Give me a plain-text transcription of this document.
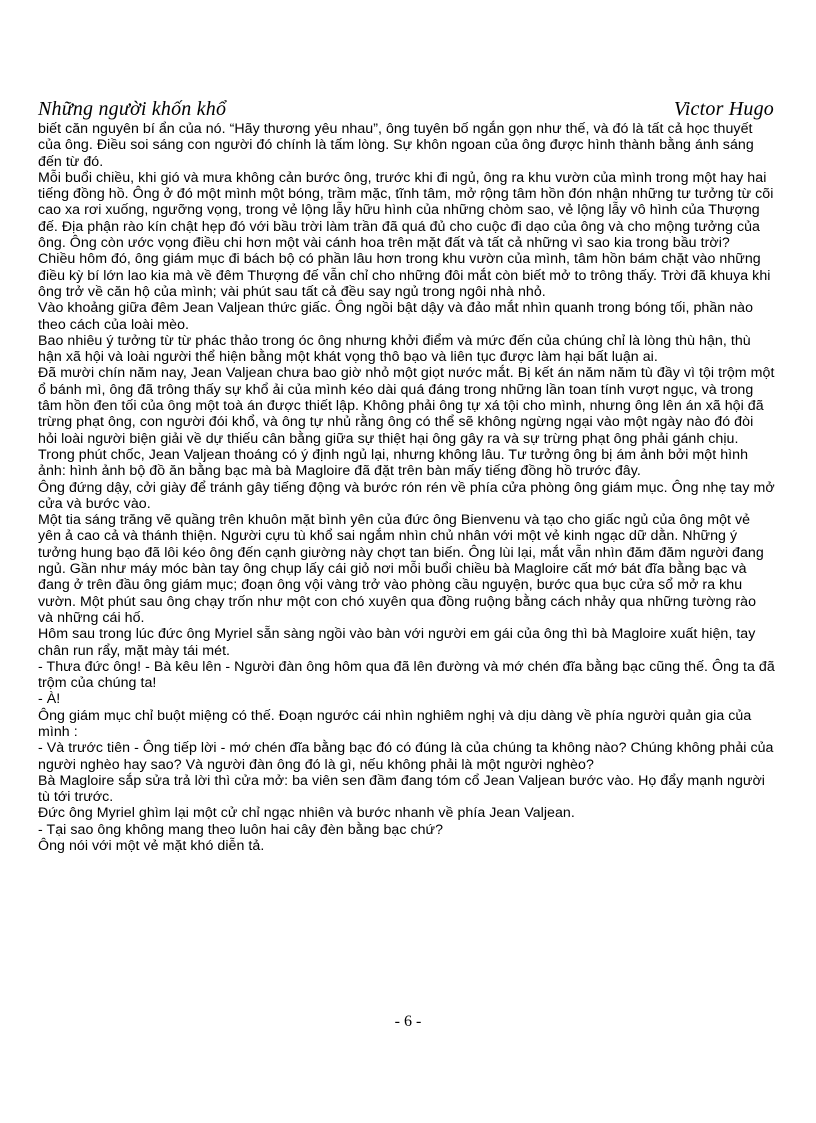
Những người khốn khổ	Victor Hugo

biết căn nguyên bí ẩn của nó. “Hãy thương yêu nhau”, ông tuyên bố ngắn gọn như thế, và đó là tất cả học thuyết của ông. Điều soi sáng con người đó chính là tấm lòng. Sự khôn ngoan của ông được hình thành bằng ánh sáng đến từ đó.

Mỗi buổi chiều, khi gió và mưa không cản bước ông, trước khi đi ngủ, ông ra khu vườn của mình trong một hay hai tiếng đồng hồ. Ông ở đó một mình một bóng, trầm mặc, tĩnh tâm, mở rộng tâm hồn đón nhận những tư tưởng từ cõi cao xa rơi xuống, ngưỡng vọng, trong vẻ lộng lẫy hữu hình của những chòm sao, vẻ lộng lẫy vô hình của Thượng đế. Địa phận rào kín chật hẹp đó với bầu trời làm trần đã quá đủ cho cuộc đi dạo của ông và cho mộng tưởng của ông. Ông còn ước vọng điều chi hơn một vài cánh hoa trên mặt đất và tất cả những vì sao kia trong bầu trời?

Chiều hôm đó, ông giám mục đi bách bộ có phần lâu hơn trong khu vườn của mình, tâm hồn bám chặt vào những điều kỳ bí lớn lao kia mà về đêm Thượng đế vẫn chỉ cho những đôi mắt còn biết mở to trông thấy. Trời đã khuya khi ông trở về căn hộ của mình; vài phút sau tất cả đều say ngủ trong ngôi nhà nhỏ.

Vào khoảng giữa đêm Jean Valjean thức giấc. Ông ngồi bật dậy và đảo mắt nhìn quanh trong bóng tối, phần nào theo cách của loài mèo.

Bao nhiêu ý tưởng từ từ phác thảo trong óc ông nhưng khởi điểm và mức đến của chúng chỉ là lòng thù hận, thù hận xã hội và loài người thể hiện bằng một khát vọng thô bạo và liên tục được làm hại bất luận ai.

Đã mười chín năm nay, Jean Valjean chưa bao giờ nhỏ một giọt nước mắt. Bị kết án năm năm tù đầy vì tội trộm một ổ bánh mì, ông đã trông thấy sự khổ ải của mình kéo dài quá đáng trong những lần toan tính vượt ngục, và trong tâm hồn đen tối của ông một toà án được thiết lập. Không phải ông tự xá tội cho mình, nhưng ông lên án xã hội đã trừng phạt ông, con người đói khổ, và ông tự nhủ rằng ông có thể sẽ không ngừng ngại vào một ngày nào đó đòi hỏi loài người biện giải về dự thiếu cân bằng giữa sự thiệt hại ông gây ra và sự trừng phạt ông phải gánh chịu.

Trong phút chốc, Jean Valjean thoáng có ý định ngủ lại, nhưng không lâu. Tư tưởng ông bị ám ảnh bởi một hình ảnh: hình ảnh bộ đồ ăn bằng bạc mà bà Magloire đã đặt trên bàn mấy tiếng đồng hồ trước đây.

Ông đứng dậy, cởi giày để tránh gây tiếng động và bước rón rén về phía cửa phòng ông giám mục. Ông nhẹ tay mở cửa và bước vào.

Một tia sáng trăng vẽ quầng trên khuôn mặt bình yên của đức ông Bienvenu và tạo cho giấc ngủ của ông một vẻ yên ả cao cả và thánh thiện. Người cựu tù khổ sai ngắm nhìn chủ nhân với một vẻ kinh ngạc dữ dằn. Những ý tưởng hung bạo đã lôi kéo ông đến cạnh giường này chợt tan biến. Ông lùi lại, mắt vẫn nhìn đăm đăm người đang ngủ. Gần như máy móc bàn tay ông chụp lấy cái giỏ nơi mỗi buổi chiều bà Magloire cất mớ bát đĩa bằng bạc và đang ở trên đầu ông giám mục; đoạn ông vội vàng trở vào phòng cầu nguyện, bước qua bục cửa sổ mở ra khu vườn. Một phút sau ông chạy trốn như một con chó xuyên qua đồng ruộng bằng cách nhảy qua những tường rào và những cái hố.

Hôm sau trong lúc đức ông Myriel sẵn sàng ngồi vào bàn với người em gái của ông thì bà Magloire xuất hiện, tay chân run rẩy, mặt mày tái mét.

- Thưa đức ông! - Bà kêu lên - Người đàn ông hôm qua đã lên đường và mớ chén đĩa bằng bạc cũng thế. Ông ta đã trộm của chúng ta!

- À!

Ông giám mục chỉ buột miệng có thế. Đoạn ngước cái nhìn nghiêm nghị và dịu dàng về phía người quản gia của mình :

- Và trước tiên - Ông tiếp lời - mớ chén đĩa bằng bạc đó có đúng là của chúng ta không nào? Chúng không phải của người nghèo hay sao? Và người đàn ông đó là gì, nếu không phải là một người nghèo?

Bà Magloire sắp sửa trả lời thì cửa mở: ba viên sen đầm đang tóm cổ Jean Valjean bước vào. Họ đẩy mạnh người tù tới trước.

Đức ông Myriel ghìm lại một cử chỉ ngạc nhiên và bước nhanh về phía Jean Valjean.

- Tại sao ông không mang theo luôn hai cây đèn bằng bạc chứ?

Ông nói với một vẻ mặt khó diễn tả.

- 6 -
